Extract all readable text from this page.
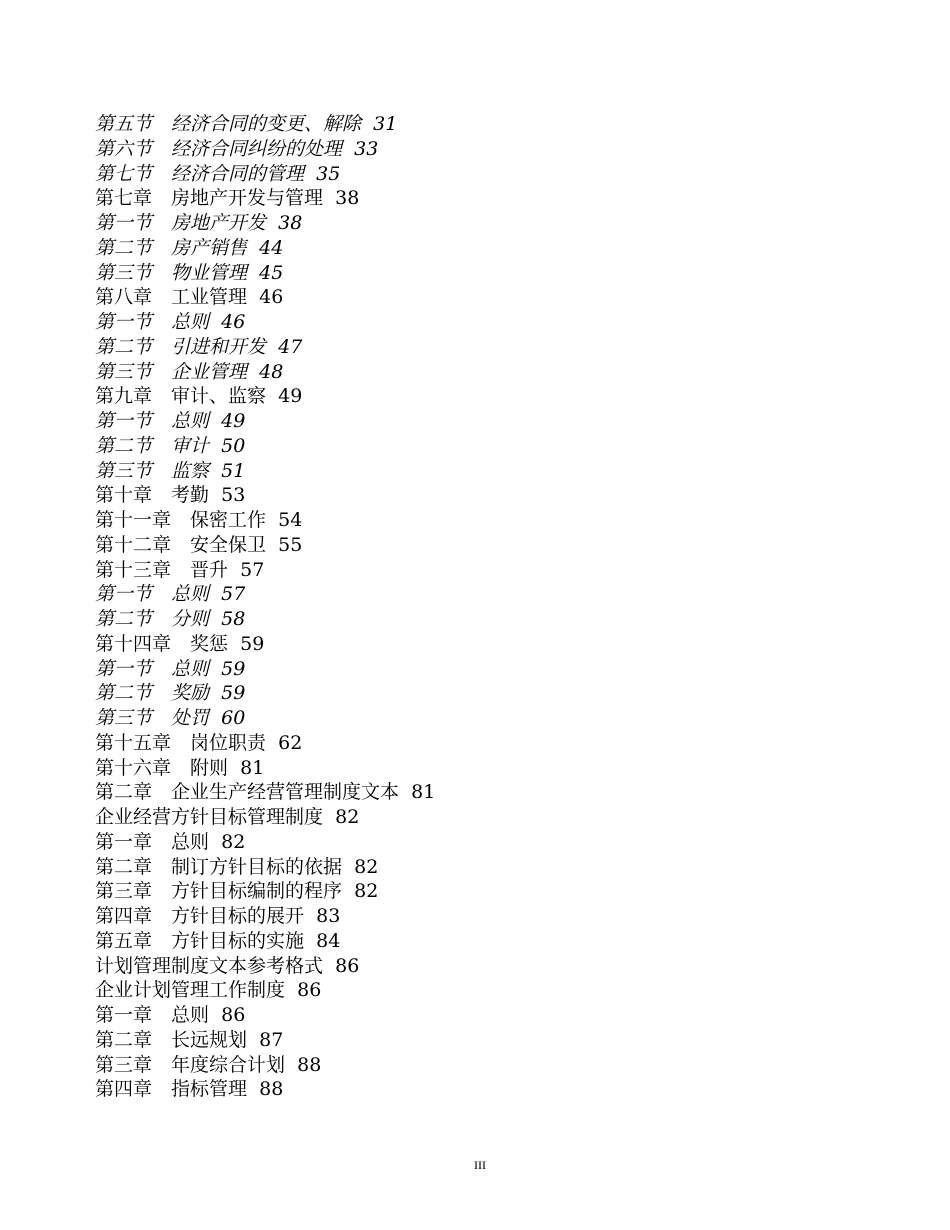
第五节　 经济合同的变更、解除 31
第六节　 经济合同纠纷的处理 33
第七节　 经济合同的管理 35
第七章　 房地产开发与管理 38
第一节　 房地产开发 38
第二节　 房产销售 44
第三节　 物业管理 45
第八章　 工业管理 46
第一节　 总则 46
第二节　 引进和开发 47
第三节　 企业管理 48
第九章　 审计、监察 49
第一节　 总则 49
第二节　 审计 50
第三节　 监察 51
第十章　 考勤 53
第十一章　 保密工作 54
第十二章　 安全保卫 55
第十三章　 晋升 57
第一节　 总则 57
第二节　 分则 58
第十四章　 奖惩 59
第一节　 总则 59
第二节　 奖励 59
第三节　 处罚 60
第十五章　 岗位职责 62
第十六章　 附则 81
第二章　 企业生产经营管理制度文本 81
企业经营方针目标管理制度 82
第一章　 总则 82
第二章　 制订方针目标的依据 82
第三章　 方针目标编制的程序 82
第四章　 方针目标的展开 83
第五章　 方针目标的实施 84
计划管理制度文本参考格式 86
企业计划管理工作制度 86
第一章　 总则 86
第二章　 长远规划 87
第三章　 年度综合计划 88
第四章　 指标管理 88
III
